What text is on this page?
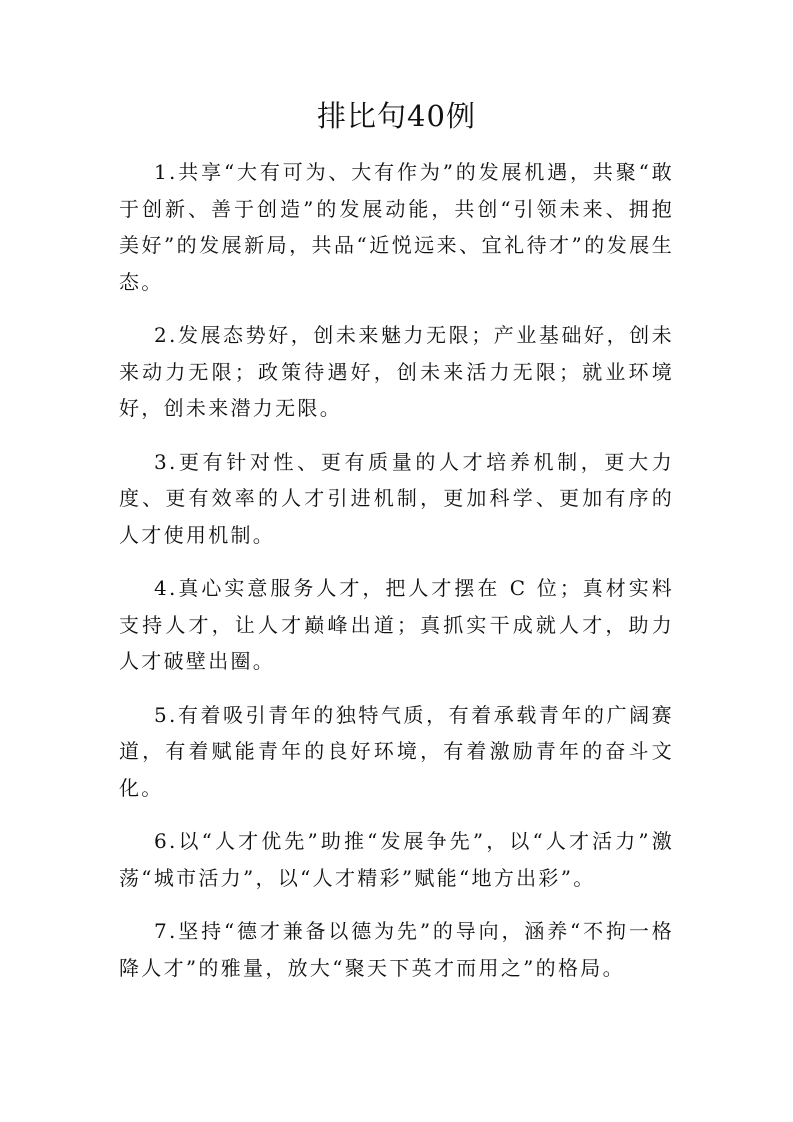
排比句40例

1.共享“大有可为、大有作为”的发展机遇，共聚“敢于创新、善于创造”的发展动能，共创“引领未来、拥抱美好”的发展新局，共品“近悦远来、宜礼待才”的发展生态。

2.发展态势好，创未来魅力无限；产业基础好，创未来动力无限；政策待遇好，创未来活力无限；就业环境好，创未来潜力无限。

3.更有针对性、更有质量的人才培养机制，更大力度、更有效率的人才引进机制，更加科学、更加有序的人才使用机制。

4.真心实意服务人才，把人才摆在 C 位；真材实料支持人才，让人才巅峰出道；真抓实干成就人才，助力人才破壁出圈。

5.有着吸引青年的独特气质，有着承载青年的广阔赛道，有着赋能青年的良好环境，有着激励青年的奋斗文化。

6.以“人才优先”助推“发展争先”，以“人才活力”激荡“城市活力”，以“人才精彩”赋能“地方出彩”。

7.坚持“德才兼备以德为先”的导向，涵养“不拘一格降人才”的雅量，放大“聚天下英才而用之”的格局。
